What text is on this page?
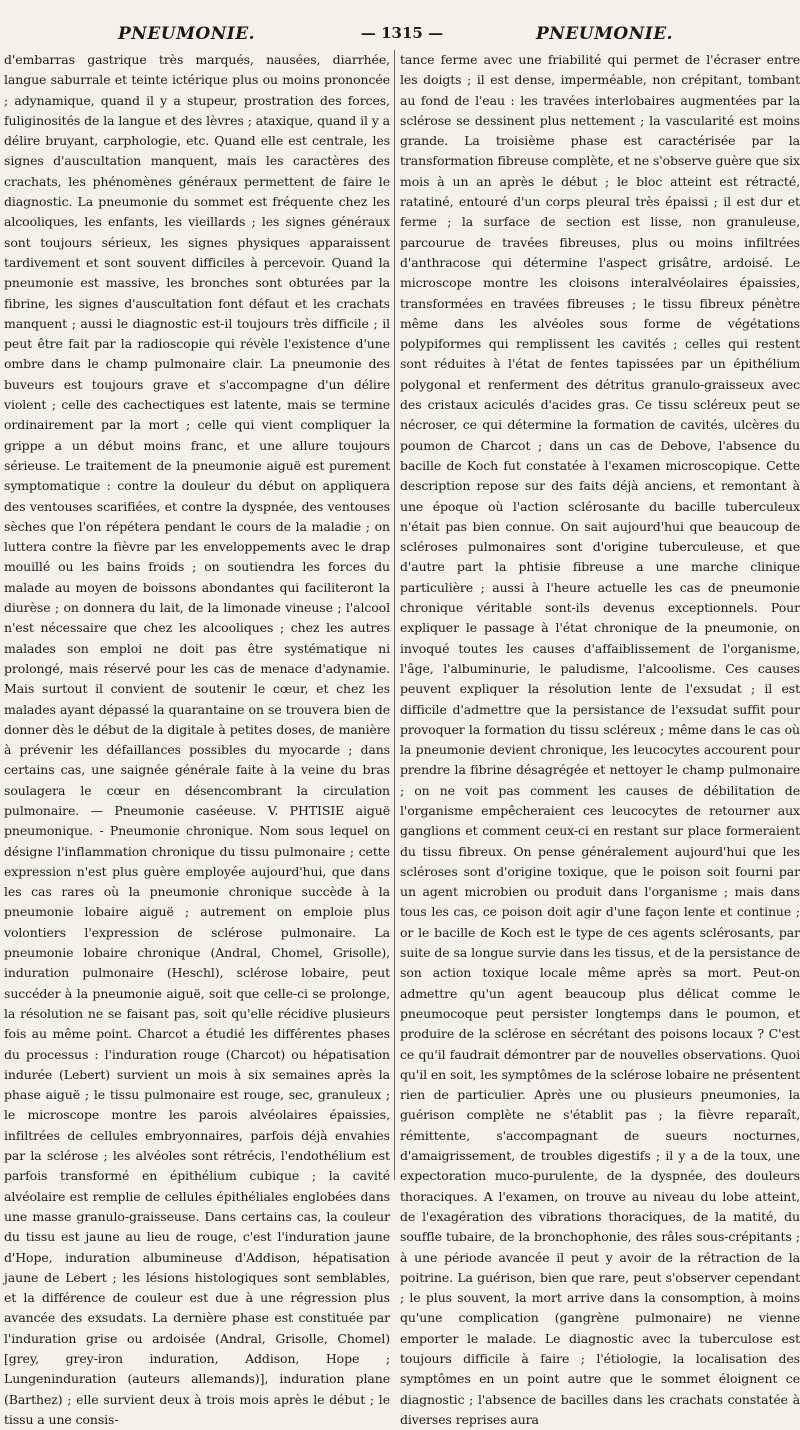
PNEUMONIE.	— 1315 —	PNEUMONIE.

d'embarras gastrique très marqués, nausées, diarrhée, langue saburrale et teinte ictérique plus ou moins prononcée ; adynamique, quand il y a stupeur, prostration des forces, fuliginosités de la langue et des lèvres ; ataxique, quand il y a délire bruyant, carphologie, etc. Quand elle est centrale, les signes d'auscultation manquent, mais les caractères des crachats, les phénomènes généraux permettent de faire le diagnostic. La pneumonie du sommet est fréquente chez les alcooliques, les enfants, les vieillards ; les signes généraux sont toujours sérieux, les signes physiques apparaissent tardivement et sont souvent difficiles à percevoir. Quand la pneumonie est massive, les bronches sont obturées par la fibrine, les signes d'auscultation font défaut et les crachats manquent ; aussi le diagnostic est-il toujours très difficile ; il peut être fait par la radioscopie qui révèle l'existence d'une ombre dans le champ pulmonaire clair. La pneumonie des buveurs est toujours grave et s'accompagne d'un délire violent ; celle des cachectiques est latente, mais se termine ordinairement par la mort ; celle qui vient compliquer la grippe a un début moins franc, et une allure toujours sérieuse. Le traitement de la pneumonie aiguë est purement symptomatique : contre la douleur du début on appliquera des ventouses scarifiées, et contre la dyspnée, des ventouses sèches que l'on répétera pendant le cours de la maladie ; on luttera contre la fièvre par les enveloppements avec le drap mouillé ou les bains froids ; on soutiendra les forces du malade au moyen de boissons abondantes qui faciliteront la diurèse ; on donnera du lait, de la limonade vineuse ; l'alcool n'est nécessaire que chez les alcooliques ; chez les autres malades son emploi ne doit pas être systématique ni prolongé, mais réservé pour les cas de menace d'adynamie. Mais surtout il convient de soutenir le cœur, et chez les malades ayant dépassé la quarantaine on se trouvera bien de donner dès le début de la digitale à petites doses, de manière à prévenir les défaillances possibles du myocarde ; dans certains cas, une saignée générale faite à la veine du bras soulagera le cœur en désencombrant la circulation pulmonaire. — Pneumonie caséeuse. V. PHTISIE aiguë pneumonique. - Pneumonie chronique. Nom sous lequel on désigne l'inflammation chronique du tissu pulmonaire ; cette expression n'est plus guère employée aujourd'hui, que dans les cas rares où la pneumonie chronique succède à la pneumonie lobaire aiguë ; autrement on emploie plus volontiers l'expression de sclérose pulmonaire. La pneumonie lobaire chronique (Andral, Chomel, Grisolle), induration pulmonaire (Heschl), sclérose lobaire, peut succéder à la pneumonie aiguë, soit que celle-ci se prolonge, la résolution ne se faisant pas, soit qu'elle récidive plusieurs fois au même point. Charcot a étudié les différentes phases du processus : l'induration rouge (Charcot) ou hépatisation indurée (Lebert) survient un mois à six semaines après la phase aiguë ; le tissu pulmonaire est rouge, sec, granuleux ; le microscope montre les parois alvéolaires épaissies, infiltrées de cellules embryonnaires, parfois déjà envahies par la sclérose ; les alvéoles sont rétrécis, l'endothélium est parfois transformé en épithélium cubique ; la cavité alvéolaire est remplie de cellules épithéliales englobées dans une masse granulo-graisseuse. Dans certains cas, la couleur du tissu est jaune au lieu de rouge, c'est l'induration jaune d'Hope, induration albumineuse d'Addison, hépatisation jaune de Lebert ; les lésions histologiques sont semblables, et la différence de couleur est due à une régression plus avancée des exsudats. La dernière phase est constituée par l'induration grise ou ardoisée (Andral, Grisolle, Chomel) [grey, grey-iron induration, Addison, Hope ; Lungeninduration (auteurs allemands)], induration plane (Barthez) ; elle survient deux à trois mois après le début ; le tissu a une consis-

tance ferme avec une friabilité qui permet de l'écraser entre les doigts ; il est dense, imperméable, non crépitant, tombant au fond de l'eau : les travées interlobaires augmentées par la sclérose se dessinent plus nettement ; la vascularité est moins grande. La troisième phase est caractérisée par la transformation fibreuse complète, et ne s'observe guère que six mois à un an après le début ; le bloc atteint est rétracté, ratatiné, entouré d'un corps pleural très épaissi ; il est dur et ferme ; la surface de section est lisse, non granuleuse, parcourue de travées fibreuses, plus ou moins infiltrées d'anthracose qui détermine l'aspect grisâtre, ardoisé. Le microscope montre les cloisons interalvéolaires épaissies, transformées en travées fibreuses ; le tissu fibreux pénètre même dans les alvéoles sous forme de végétations polypiformes qui remplissent les cavités ; celles qui restent sont réduites à l'état de fentes tapissées par un épithélium polygonal et renferment des détritus granulo-graisseux avec des cristaux aciculés d'acides gras. Ce tissu scléreux peut se nécroser, ce qui détermine la formation de cavités, ulcères du poumon de Charcot ; dans un cas de Debove, l'absence du bacille de Koch fut constatée à l'examen microscopique. Cette description repose sur des faits déjà anciens, et remontant à une époque où l'action sclérosante du bacille tuberculeux n'était pas bien connue. On sait aujourd'hui que beaucoup de scléroses pulmonaires sont d'origine tuberculeuse, et que d'autre part la phtisie fibreuse a une marche clinique particulière ; aussi à l'heure actuelle les cas de pneumonie chronique véritable sont-ils devenus exceptionnels. Pour expliquer le passage à l'état chronique de la pneumonie, on invoqué toutes les causes d'affaiblissement de l'organisme, l'âge, l'albuminurie, le paludisme, l'alcoolisme. Ces causes peuvent expliquer la résolution lente de l'exsudat ; il est difficile d'admettre que la persistance de l'exsudat suffit pour provoquer la formation du tissu scléreux ; même dans le cas où la pneumonie devient chronique, les leucocytes accourent pour prendre la fibrine désagrégée et nettoyer le champ pulmonaire ; on ne voit pas comment les causes de débilitation de l'organisme empêcheraient ces leucocytes de retourner aux ganglions et comment ceux-ci en restant sur place formeraient du tissu fibreux. On pense généralement aujourd'hui que les scléroses sont d'origine toxique, que le poison soit fourni par un agent microbien ou produit dans l'organisme ; mais dans tous les cas, ce poison doit agir d'une façon lente et continue ; or le bacille de Koch est le type de ces agents sclérosants, par suite de sa longue survie dans les tissus, et de la persistance de son action toxique locale même après sa mort. Peut-on admettre qu'un agent beaucoup plus délicat comme le pneumocoque peut persister longtemps dans le poumon, et produire de la sclérose en sécrétant des poisons locaux ? C'est ce qu'il faudrait démontrer par de nouvelles observations. Quoi qu'il en soit, les symptômes de la sclérose lobaire ne présentent rien de particulier. Après une ou plusieurs pneumonies, la guérison complète ne s'établit pas ; la fièvre reparaît, rémittente, s'accompagnant de sueurs nocturnes, d'amaigrissement, de troubles digestifs ; il y a de la toux, une expectoration muco-purulente, de la dyspnée, des douleurs thoraciques. A l'examen, on trouve au niveau du lobe atteint, de l'exagération des vibrations thoraciques, de la matité, du souffle tubaire, de la bronchophonie, des râles sous-crépitants ; à une période avancée il peut y avoir de la rétraction de la poitrine. La guérison, bien que rare, peut s'observer cependant ; le plus souvent, la mort arrive dans la consomption, à moins qu'une complication (gangrène pulmonaire) ne vienne emporter le malade. Le diagnostic avec la tuberculose est toujours difficile à faire ; l'étiologie, la localisation des symptômes en un point autre que le sommet éloignent ce diagnostic ; l'absence de bacilles dans les crachats constatée à diverses reprises aura
